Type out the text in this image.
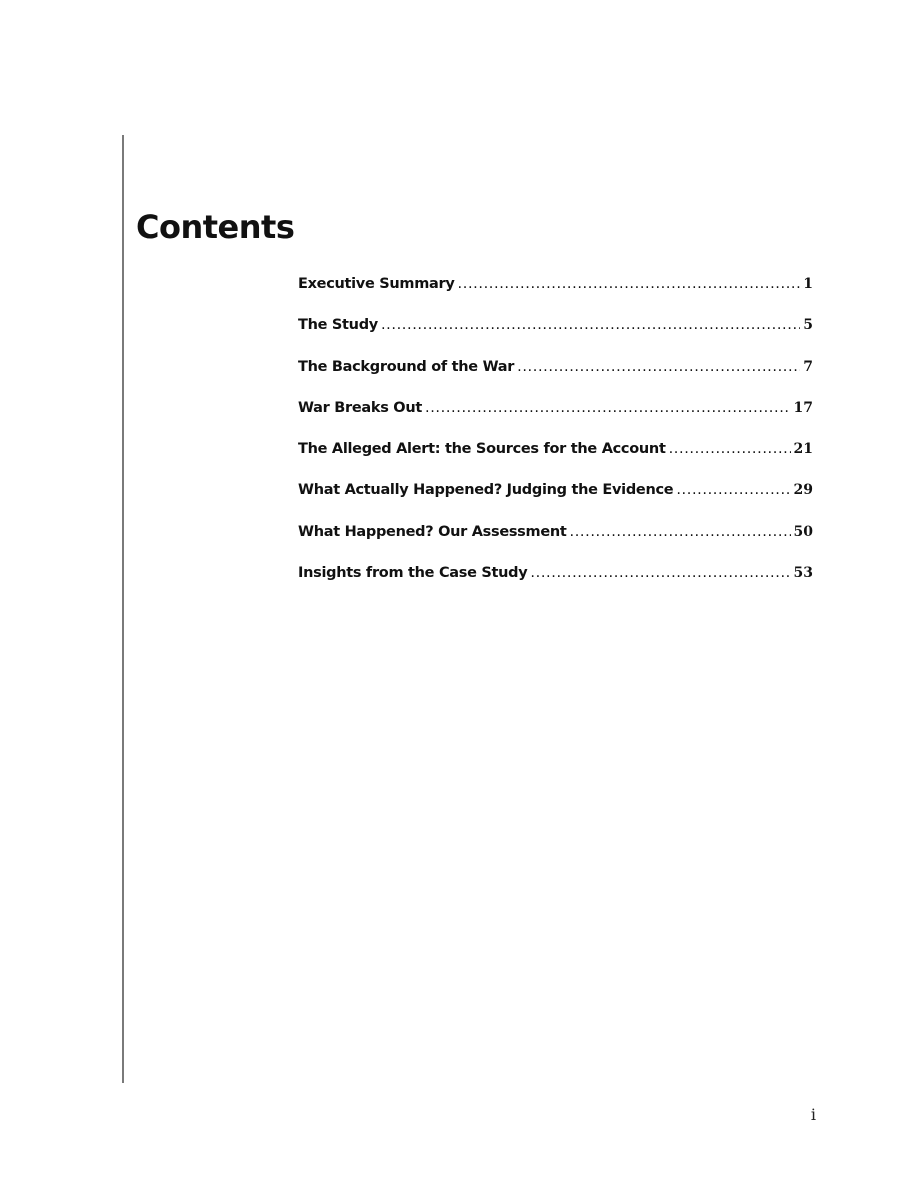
Contents
Executive Summary .....	1
The Study .....	5
The Background of the War .....	7
War Breaks Out .....	17
The Alleged Alert: the Sources for the Account .....	21
What Actually Happened? Judging the Evidence .....	29
What Happened? Our Assessment .....	50
Insights from the Case Study .....	53
i
